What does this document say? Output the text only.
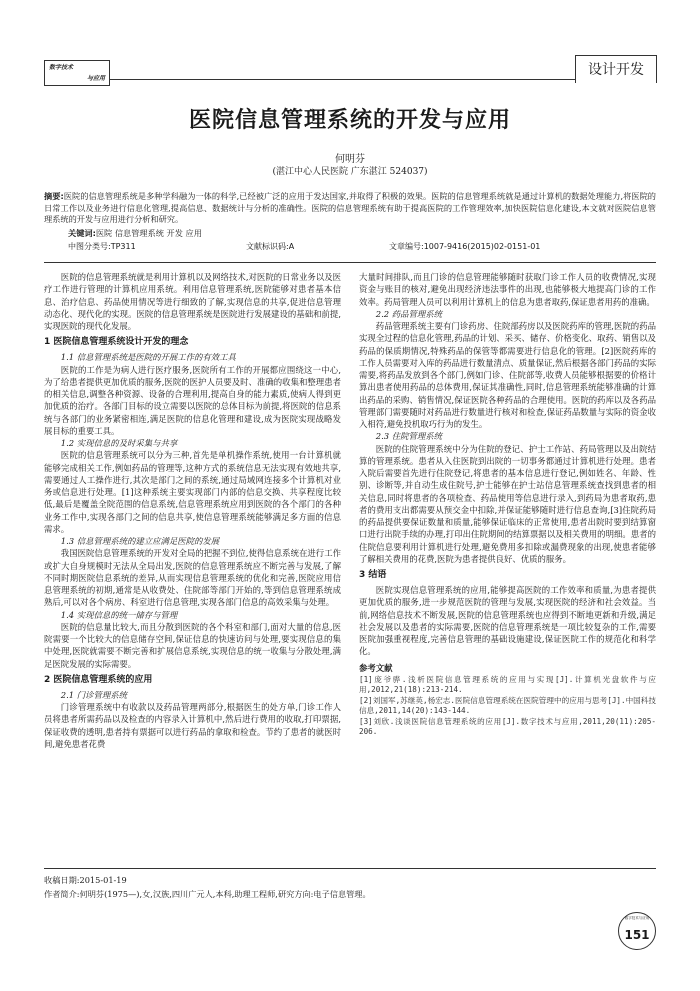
数字技术
与应用
设计开发
医院信息管理系统的开发与应用
何明芬
(湛江中心人民医院 广东湛江 524037)
摘要:医院的信息管理系统是多种学科融为一体的科学,已经被广泛的应用于发达国家,并取得了积极的效果。医院的信息管理系统就是通过计算机的数据处理能力,将医院的日常工作以及业务进行信息化管理,提高信息、数据统计与分析的准确性。医院的信息管理系统有助于提高医院的工作管理效率,加快医院信息化建设,本文就对医院信息管理系统的开发与应用进行分析和研究。
关键词:医院 信息管理系统 开发 应用
中图分类号:TP311	文献标识码:A	文章编号:1007-9416(2015)02-0151-01

医院的信息管理系统就是利用计算机以及网络技术,对医院的日常业务以及医疗工作进行管理的计算机应用系统。利用信息管理系统,医院能够对患者基本信息、治疗信息、药品使用情况等进行细致的了解,实现信息的共享,促进信息管理动态化、现代化的实现。医院的信息管理系统是医院进行发展建设的基础和前提,实现医院的现代化发展。

1 医院信息管理系统设计开发的理念
1.1 信息管理系统是医院的开展工作的有效工具

医院的工作是为病人进行医疗服务,医院所有工作的开展都应围绕这一中心,为了给患者提供更加优质的服务,医院的医护人员要及时、准确的收集和整理患者的相关信息,调整各种资源、设备的合理利用,提高自身的能力素质,使病人得到更加优质的治疗。各部门目标的设立需要以医院的总体目标为前提,将医院的信息系统与各部门的业务紧密相连,满足医院的信息化管理和建设,成为医院实现战略发展目标的重要工具。

1.2 实现信息的及时采集与共享

医院的信息管理系统可以分为三种,首先是单机操作系统,使用一台计算机就能够完成相关工作,例如药品的管理等,这种方式的系统信息无法实现有效地共享,需要通过人工操作进行,其次是部门之间的系统,通过局域网连接多个计算机对业务或信息进行处理。[1]这种系统主要实现部门内部的信息交换、共享程度比较低,最后是覆盖全院范围的信息系统,信息管理系统应用到医院的各个部门的各种业务工作中,实现各部门之间的信息共享,使信息管理系统能够满足多方面的信息需求。

1.3 信息管理系统的建立应满足医院的发展

我国医院信息管理系统的开发对全局的把握不到位,使得信息系统在进行工作或扩大自身规模时无法从全局出发,医院的信息管理系统应不断完善与发展,了解不同时期医院信息系统的差异,从而实现信息管理系统的优化和完善,医院应用信息管理系统的初期,通常是从收费处、住院部等部门开始的,等到信息管理系统成熟后,可以对各个病房、科室进行信息管理,实现各部门信息的高效采集与处理。

1.4 实现信息的统一储存与管理

医院的信息量比较大,而且分散到医院的各个科室和部门,面对大量的信息,医院需要一个比较大的信息储存空间,保证信息的快速访问与处理,要实现信息的集中处理,医院就需要不断完善和扩展信息系统,实现信息的统一收集与分散处理,满足医院发展的实际需要。

2 医院信息管理系统的应用
2.1 门诊管理系统

门诊管理系统中有收款以及药品管理两部分,根据医生的处方单,门诊工作人员将患者所需药品以及检查的内容录入计算机中,然后进行费用的收取,打印票据,保证收费的透明,患者持有票据可以进行药品的拿取和检查。节约了患者的就医时间,避免患者花费

大量时间排队,而且门诊的信息管理能够随时获取门诊工作人员的收费情况,实现资金与账目的核对,避免出现经济违法事件的出现,也能够极大地提高门诊的工作效率。药局管理人员可以利用计算机上的信息为患者取药,保证患者用药的准确。

2.2 药品管理系统

药品管理系统主要有门诊药房、住院部药房以及医院药库的管理,医院的药品实现全过程的信息化管理,药品的计划、采买、储存、价格变化、取药、销售以及药品的保质期情况,特殊药品的保管等都需要进行信息化的管理。[2]医院药库的工作人员需要对入库的药品进行数量清点、质量保证,然后根据各部门药品的实际需要,将药品发放到各个部门,例如门诊、住院部等,收费人员能够根据要的价格计算出患者使用药品的总体费用,保证其准确性,同时,信息管理系统能够准确的计算出药品的采购、销售情况,保证医院各种药品的合理使用。医院的药库以及各药品管理部门需要随时对药品进行数量进行核对和检查,保证药品数量与实际的资金收入相符,避免投机取巧行为的发生。

2.3 住院管理系统

医院的住院管理系统中分为住院的登记、护士工作站、药局管理以及出院结算的管理系统。患者从入住医院到出院的一切事务都通过计算机进行处理。患者入院后需要首先进行住院登记,将患者的基本信息进行登记,例如姓名、年龄、性别、诊断等,并自动生成住院号,护士能够在护士站信息管理系统查找到患者的相关信息,同时将患者的各项检查、药品使用等信息进行录入,到药局为患者取药,患者的费用支出都需要从预交金中扣除,并保证能够随时进行信息查询,[3]住院药局的药品提供要保证数量和质量,能够保证临床的正常使用,患者出院时要到结算窗口进行出院手续的办理,打印出住院期间的结算票据以及相关费用的明细。患者的住院信息要利用计算机进行处理,避免费用多扣除或漏费现象的出现,使患者能够了解相关费用的花费,医院为患者提供良好、优质的服务。

3 结语

医院实现信息管理系统的应用,能够提高医院的工作效率和质量,为患者提供更加优质的服务,进一步规范医院的管理与发展,实现医院的经济和社会效益。当前,网络信息技术不断发展,医院的信息管理系统也应得到不断地更新和升级,满足社会发展以及患者的实际需要,医院的信息管理系统是一项比较复杂的工作,需要医院加强重视程度,完善信息管理的基础设施建设,保证医院工作的规范化和科学化。

参考文献

[1]庞爷骅.浅析医院信息管理系统的应用与实现[J].计算机光盘软件与应用,2012,21(18):213-214.

[2]刘国军,苏继英,杨宏志.医院信息管理系统在医院管理中的应用与思考[J].中国科技信息,2011,14(20):143-144.

[3]刘欣.浅谈医院信息管理系统的应用[J].数字技术与应用,2011,20(11):205-206.

收稿日期:2015-01-19
作者简介:何明芬(1975—),女,汉族,四川广元人,本科,助理工程师,研究方向:电子信息管理。
数字技术与应用
151
